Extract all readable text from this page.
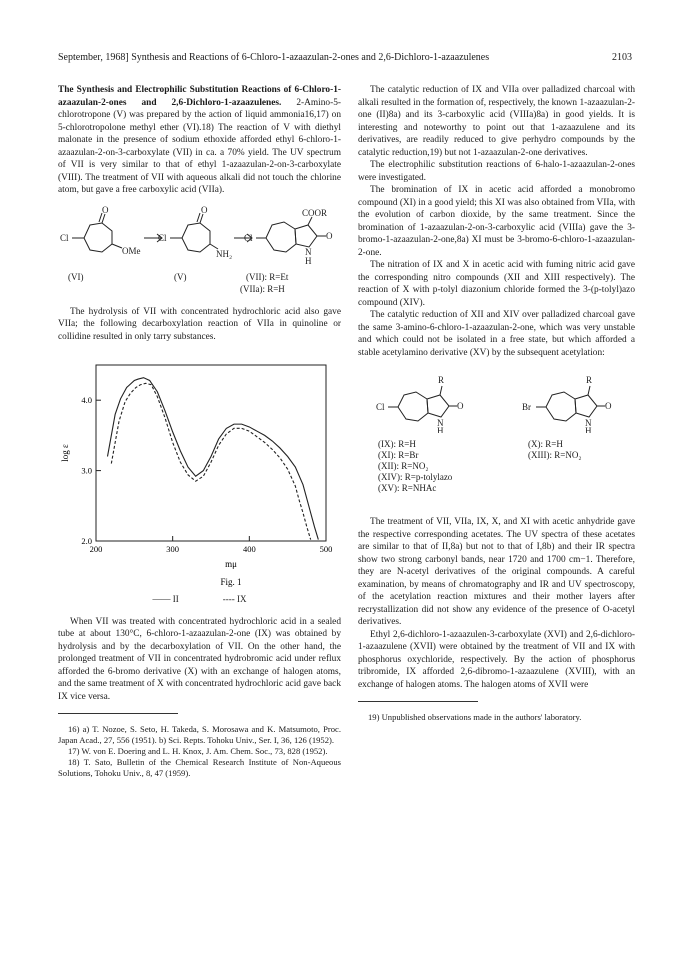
September, 1968] Synthesis and Reactions of 6-Chloro-1-azaazulan-2-ones and 2,6-Dichloro-1-azaazulenes	2103

The Synthesis and Electrophilic Substitution Reactions of 6-Chloro-1-azaazulan-2-ones and 2,6-Dichloro-1-azaazulenes. 2-Amino-5-chlorotropone (V) was prepared by the action of liquid ammonia16,17) on 5-chlorotropolone methyl ether (VI).18) The reaction of V with diethyl malonate in the presence of sodium ethoxide afforded ethyl 6-chloro-1-azaazulan-2-on-3-carboxylate (VII) in ca. a 70% yield. The UV spectrum of VII is very similar to that of ethyl 1-azaazulan-2-on-3-carboxylate (VIII). The treatment of VII with aqueous alkali did not touch the chlorine atom, but gave a free carboxylic acid (VIIa).

Cl
O
OMe
Cl
O
NH₂
Cl
COOR
O
N
H
(VI)	(V)	(VII): R=Et
(VIIa): R=H

The hydrolysis of VII with concentrated hydrochloric acid also gave VIIa; the following decarboxylation reaction of VIIa in quinoline or collidine resulted in only tarry substances.

200	300	400	500
2.0
3.0
4.0
log ε
mμ
Fig. 1
—— II	---- IX

When VII was treated with concentrated hydrochloric acid in a sealed tube at about 130°C, 6-chloro-1-azaazulan-2-one (IX) was obtained by hydrolysis and by the decarboxylation of VII. On the other hand, the prolonged treatment of VII in concentrated hydrobromic acid under reflux afforded the 6-bromo derivative (X) with an exchange of halogen atoms, and the same treatment of X with concentrated hydrochloric acid gave back IX vice versa.

16) a) T. Nozoe, S. Seto, H. Takeda, S. Morosawa and K. Matsumoto, Proc. Japan Acad., 27, 556 (1951). b) Sci. Repts. Tohoku Univ., Ser. I, 36, 126 (1952).

17) W. von E. Doering and L. H. Knox, J. Am. Chem. Soc., 73, 828 (1952).

18) T. Sato, Bulletin of the Chemical Research Institute of Non-Aqueous Solutions, Tohoku Univ., 8, 47 (1959).

The catalytic reduction of IX and VIIa over palladized charcoal with alkali resulted in the formation of, respectively, the known 1-azaazulan-2-one (II)8a) and its 3-carboxylic acid (VIIIa)8a) in good yields. It is interesting and noteworthy to point out that 1-azaazulene and its derivatives, are readily reduced to give perhydro compounds by the catalytic reduction,19) but not 1-azaazulan-2-one derivatives.

The electrophilic substitution reactions of 6-halo-1-azaazulan-2-ones were investigated.

The bromination of IX in acetic acid afforded a monobromo compound (XI) in a good yield; this XI was also obtained from VIIa, with the evolution of carbon dioxide, by the same treatment. Since the bromination of 1-azaazulan-2-on-3-carboxylic acid (VIIIa) gave the 3-bromo-1-azaazulan-2-one,8a) XI must be 3-bromo-6-chloro-1-azaazulan-2-one.

The nitration of IX and X in acetic acid with fuming nitric acid gave the corresponding nitro compounds (XII and XIII respectively). The reaction of X with p-tolyl diazonium chloride formed the 3-(p-tolyl)azo compound (XIV).

The catalytic reduction of XII and XIV over palladized charcoal gave the same 3-amino-6-chloro-1-azaazulan-2-one, which was very unstable and which could not be isolated in a free state, but which afforded a stable acetylamino derivative (XV) by the subsequent acetylation:

Cl
R
O
N
H
Br
R
O
N
H
(IX): R=H
(XI): R=Br
(XII): R=NO₂
(XIV): R=p-tolylazo
(XV): R=NHAc
(X): R=H
(XIII): R=NO₂

The treatment of VII, VIIa, IX, X, and XI with acetic anhydride gave the respective corresponding acetates. The UV spectra of these acetates are similar to that of II,8a) but not to that of I,8b) and their IR spectra show two strong carbonyl bands, near 1720 and 1700 cm−1. Therefore, they are N-acetyl derivatives of the original compounds. A careful examination, by means of chromatography and IR and UV spectroscopy, of the acetylation reaction mixtures and their mother layers after recrystallization did not show any evidence of the presence of O-acetyl derivatives.

Ethyl 2,6-dichloro-1-azaazulen-3-carboxylate (XVI) and 2,6-dichloro-1-azaazulene (XVII) were obtained by the treatment of VII and IX with phosphorus oxychloride, respectively. By the action of phosphorus tribromide, IX afforded 2,6-dibromo-1-azaazulene (XVIII), with an exchange of halogen atoms. The halogen atoms of XVII were

19) Unpublished observations made in the authors' laboratory.
